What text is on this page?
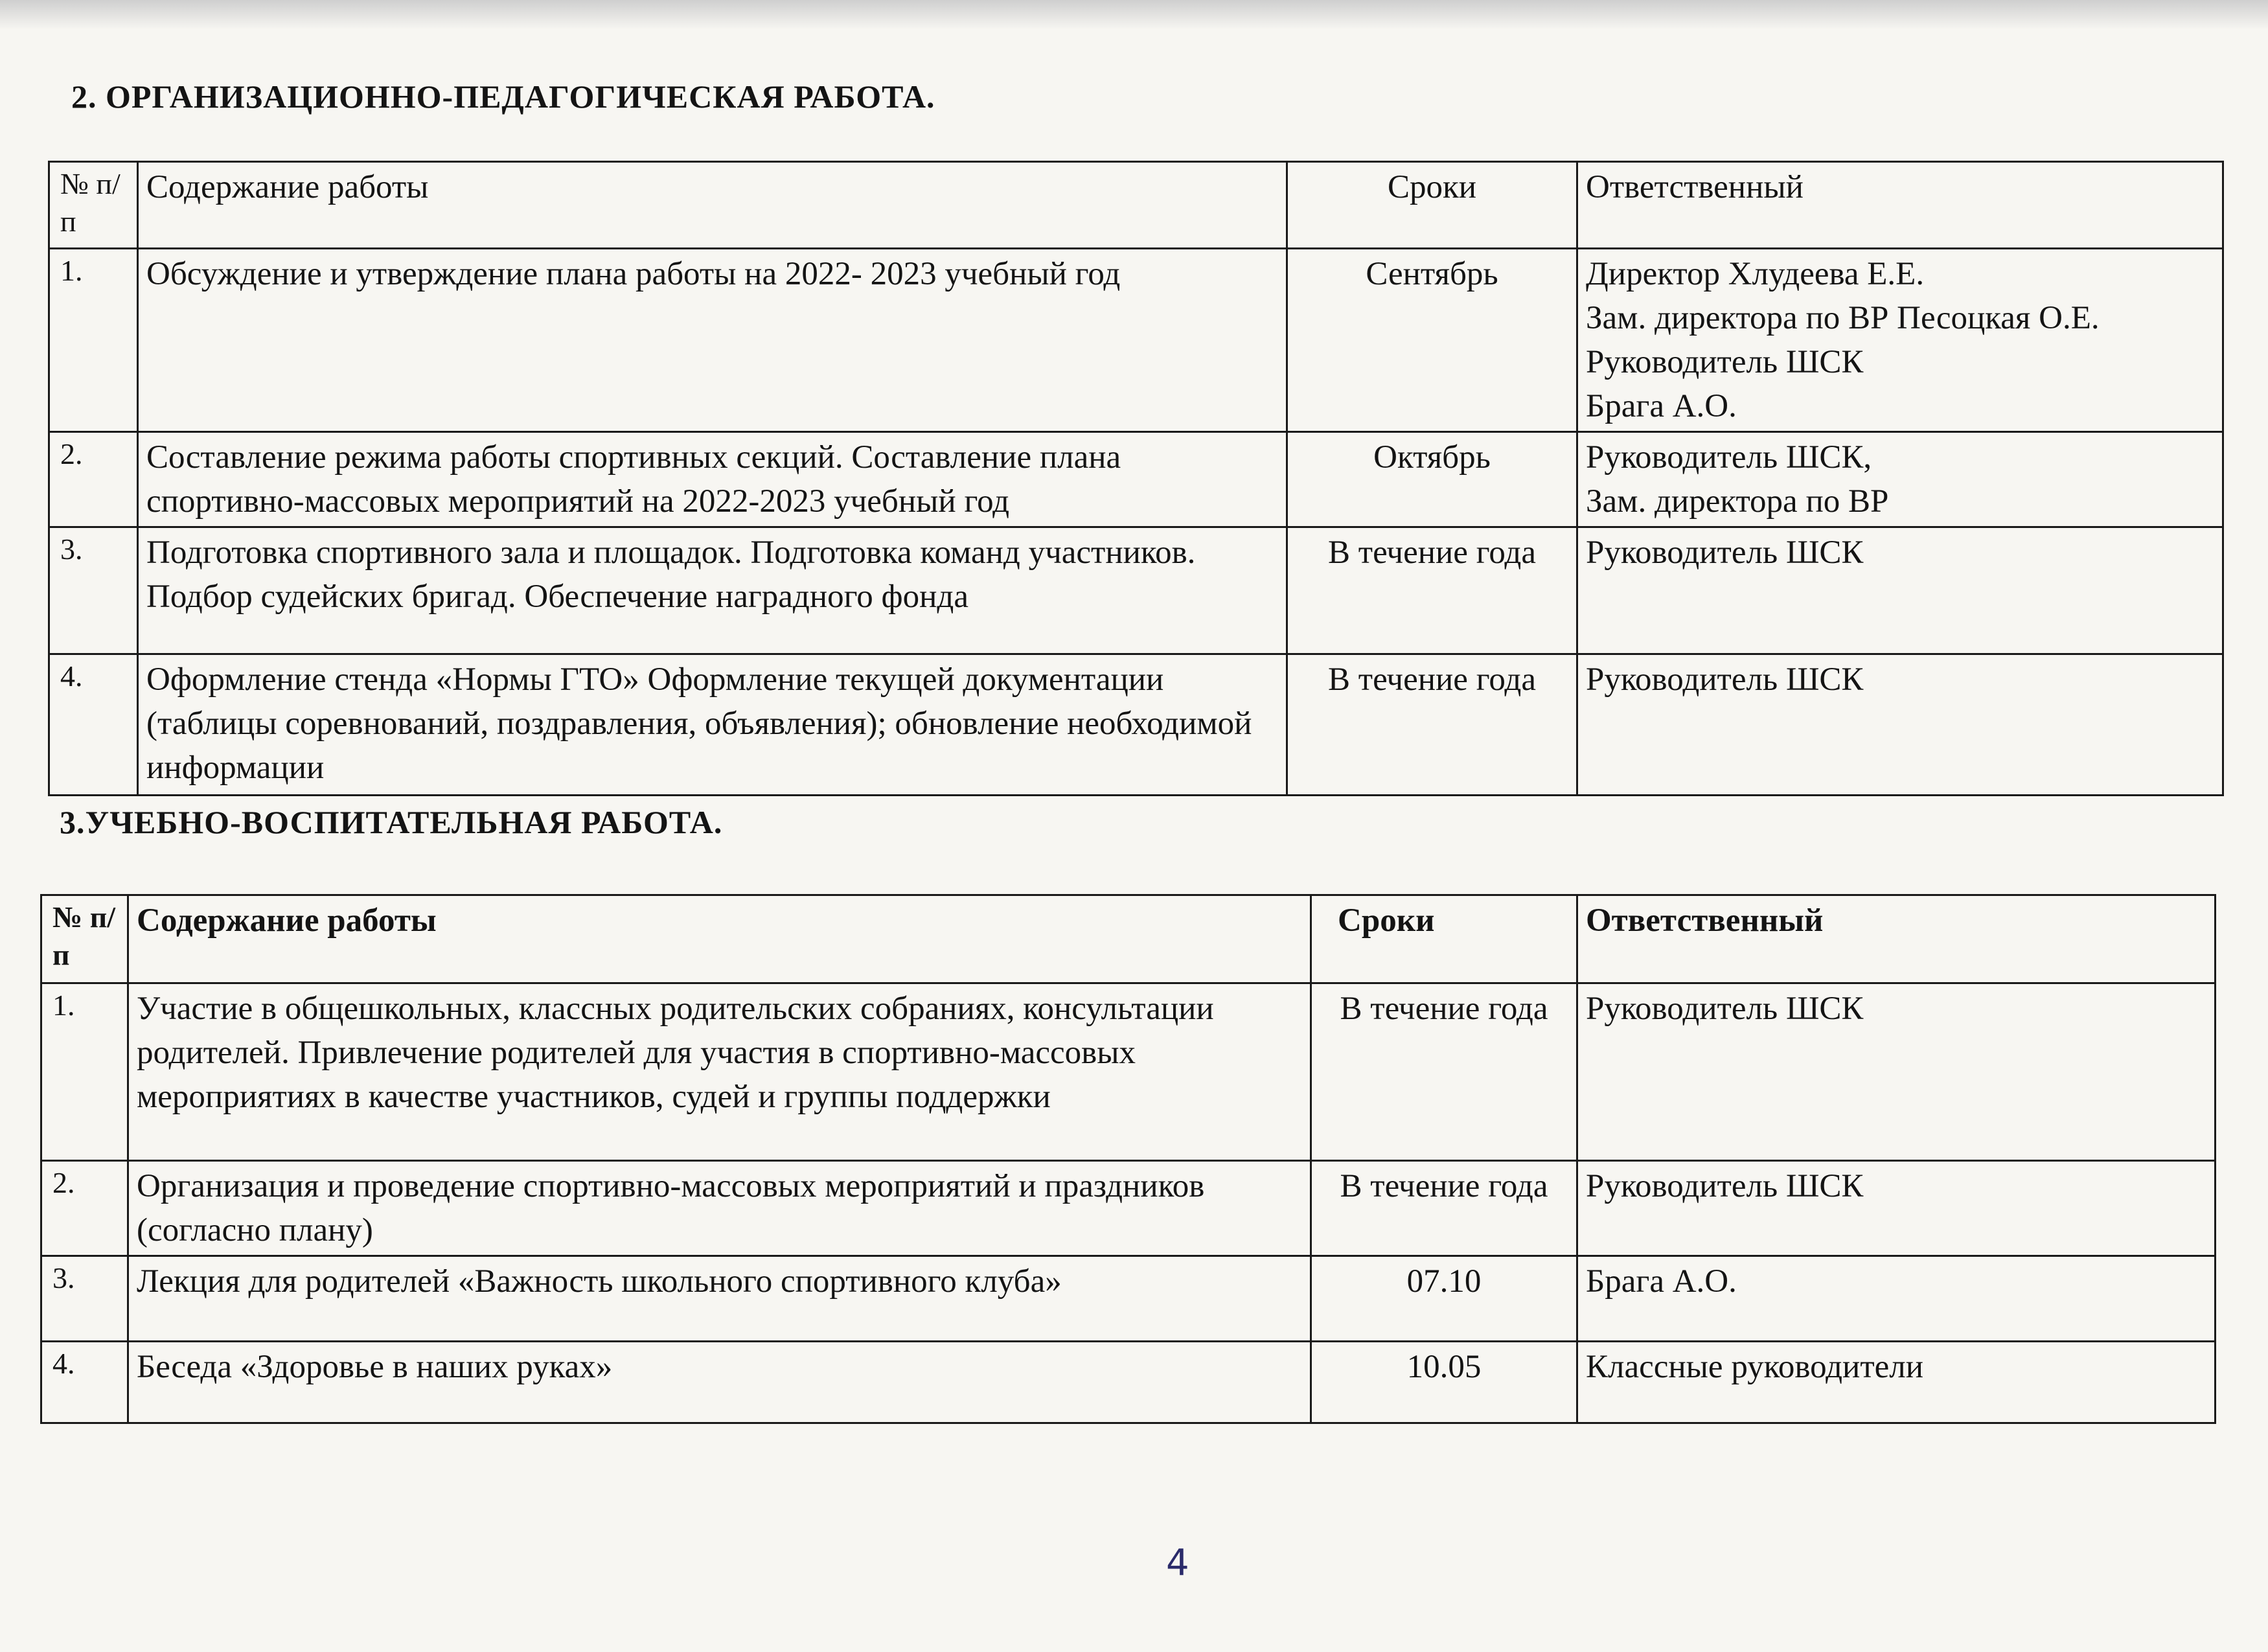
2. ОРГАНИЗАЦИОННО-ПЕДАГОГИЧЕСКАЯ РАБОТА.
№ п/п	Содержание работы	Сроки	Ответственный
1.	Обсуждение и утверждение плана работы на 2022- 2023 учебный год	Сентябрь	Директор Хлудеева Е.Е.
Зам. директора по ВР Песоцкая О.Е.
Руководитель ШСК
Брага А.О.

2.	Составление режима работы спортивных секций. Составление плана спортивно-массовых мероприятий на 2022-2023 учебный год	Октябрь	Руководитель ШСК,
Зам. директора по ВР

3.	Подготовка спортивного зала и площадок. Подготовка команд участников. Подбор судейских бригад. Обеспечение наградного фонда	В течение года	Руководитель ШСК

4.	Оформление стенда «Нормы ГТО» Оформление текущей документации (таблицы соревнований, поздравления, объявления); обновление необходимой информации	В течение года	Руководитель ШСК
3.УЧЕБНО-ВОСПИТАТЕЛЬНАЯ РАБОТА.
№ п/п	Содержание работы	Сроки	Ответственный
1.	Участие в общешкольных, классных родительских собраниях, консультации родителей. Привлечение родителей для участия в спортивно-массовых мероприятиях в качестве участников, судей и группы поддержки	В течение года	Руководитель ШСК

2.	Организация и проведение спортивно-массовых мероприятий и праздников (согласно плану)	В течение года	Руководитель ШСК

3.	Лекция для родителей «Важность школьного спортивного клуба»	07.10	Брага А.О.

4.	Беседа «Здоровье в наших руках»	10.05	Классные руководители
4
